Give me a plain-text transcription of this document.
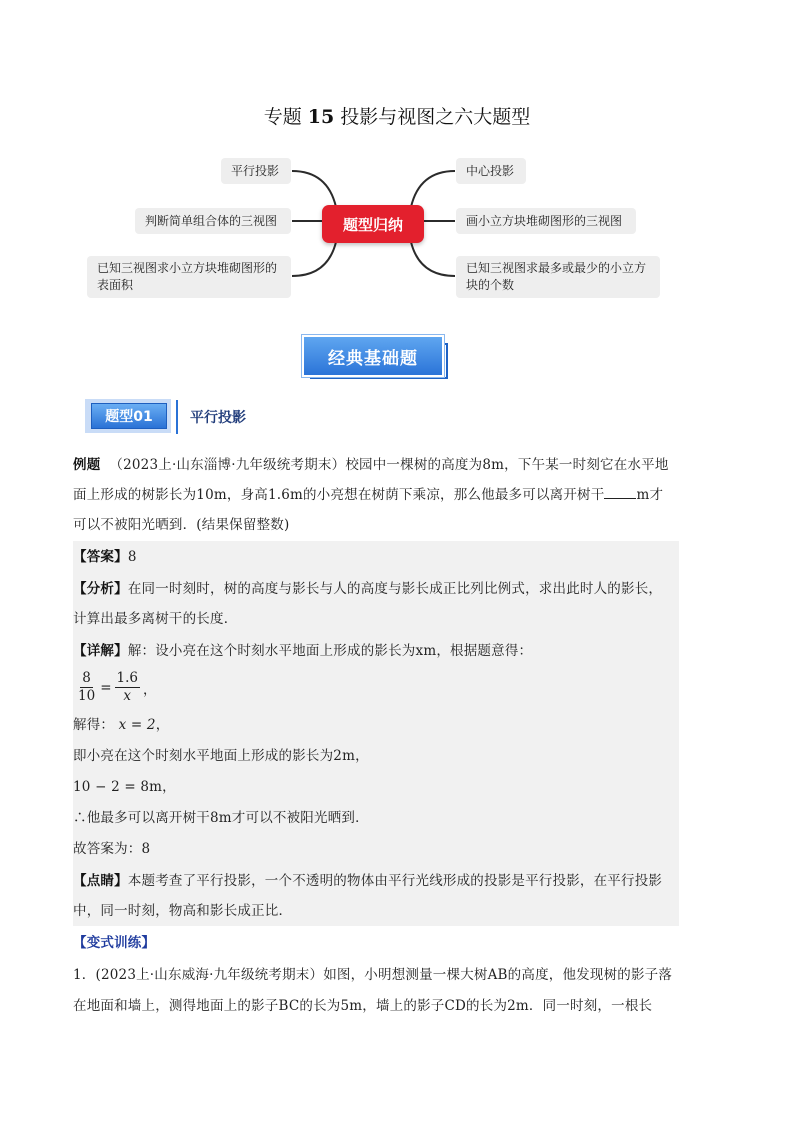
专题 15 投影与视图之六大题型
平行投影
判断简单组合体的三视图
已知三视图求小立方块堆砌图形的表面积
题型归纳
中心投影
画小立方块堆砌图形的三视图
已知三视图求最多或最少的小立方块的个数
经典基础题
题型01	平行投影
例题 （2023上·山东淄博·九年级统考期末）校园中一棵树的高度为8m，下午某一时刻它在水平地
面上形成的树影长为10m，身高1.6m的小亮想在树荫下乘凉，那么他最多可以离开树干 m才
可以不被阳光晒到．(结果保留整数)
【答案】8
【分析】在同一时刻时，树的高度与影长与人的高度与影长成正比列比例式，求出此时人的影长，
计算出最多离树干的长度．
【详解】解：设小亮在这个时刻水平地面上形成的影长为xm，根据题意得：
$\frac{8}{10} = \frac{1.6}{x}$ ，
解得： x = 2，
即小亮在这个时刻水平地面上形成的影长为2m，
10 − 2 = 8m，
∴他最多可以离开树干8m才可以不被阳光晒到．
故答案为：8
【点睛】本题考查了平行投影，一个不透明的物体由平行光线形成的投影是平行投影，在平行投影
中，同一时刻，物高和影长成正比．
【变式训练】
1．(2023上·山东威海·九年级统考期末）如图，小明想测量一棵大树AB的高度，他发现树的影子落
在地面和墙上，测得地面上的影子BC的长为5m，墙上的影子CD的长为2m．同一时刻，一根长
